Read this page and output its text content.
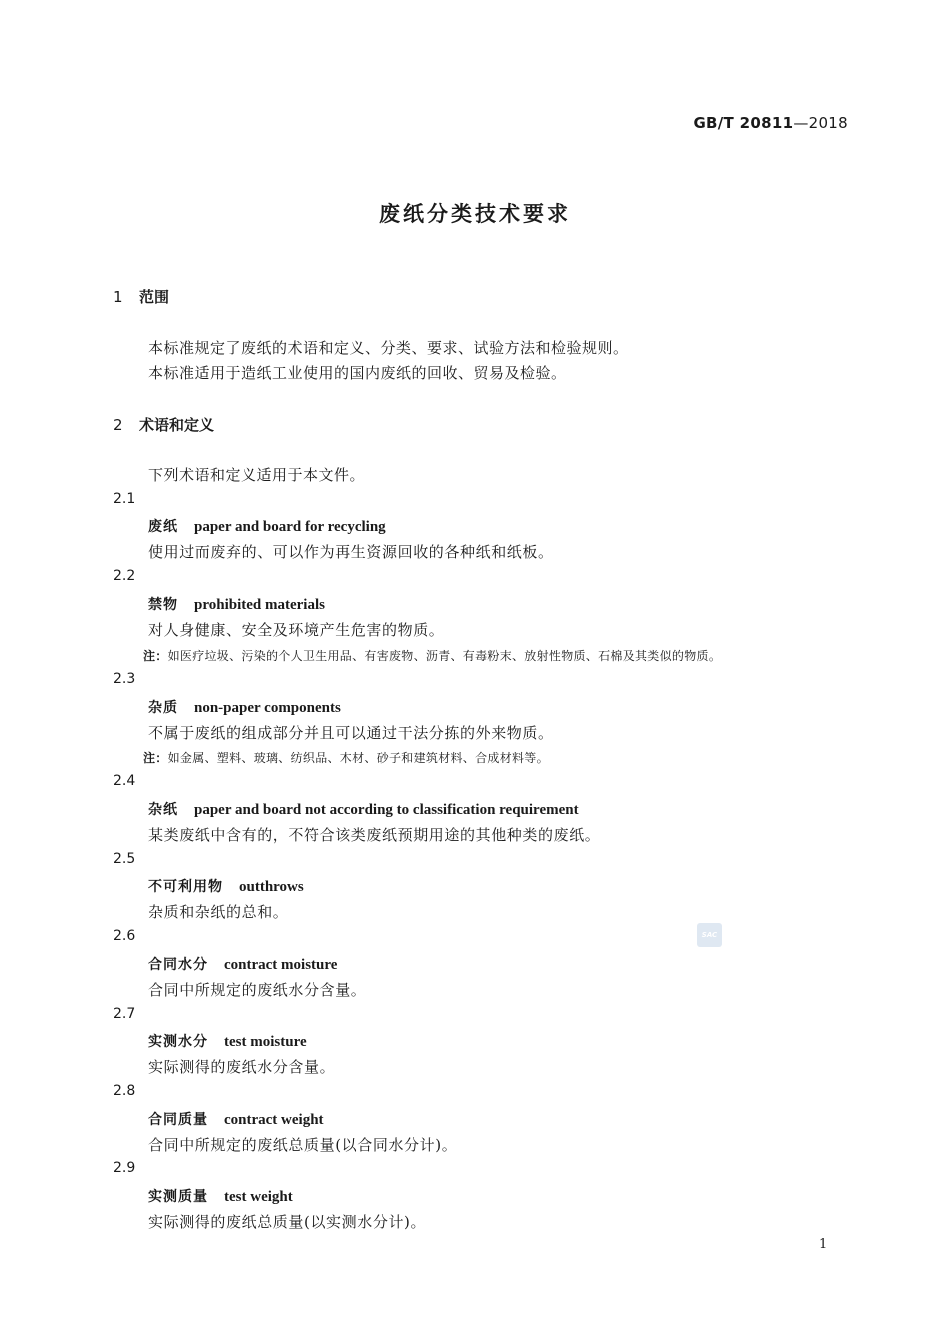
GB/T 20811—2018
废纸分类技术要求
1 范围
本标准规定了废纸的术语和定义、分类、要求、试验方法和检验规则。
本标准适用于造纸工业使用的国内废纸的回收、贸易及检验。
2 术语和定义
下列术语和定义适用于本文件。
2.1
废纸 paper and board for recycling
使用过而废弃的、可以作为再生资源回收的各种纸和纸板。
2.2
禁物 prohibited materials
对人身健康、安全及环境产生危害的物质。
注：如医疗垃圾、污染的个人卫生用品、有害废物、沥青、有毒粉末、放射性物质、石棉及其类似的物质。
2.3
杂质 non-paper components
不属于废纸的组成部分并且可以通过干法分拣的外来物质。
注：如金属、塑料、玻璃、纺织品、木材、砂子和建筑材料、合成材料等。
2.4
杂纸 paper and board not according to classification requirement
某类废纸中含有的，不符合该类废纸预期用途的其他种类的废纸。
2.5
不可利用物 outthrows
杂质和杂纸的总和。
2.6
合同水分 contract moisture
合同中所规定的废纸水分含量。
2.7
实测水分 test moisture
实际测得的废纸水分含量。
2.8
合同质量 contract weight
合同中所规定的废纸总质量(以合同水分计)。
2.9
实测质量 test weight
实际测得的废纸总质量(以实测水分计)。
SAC
1
